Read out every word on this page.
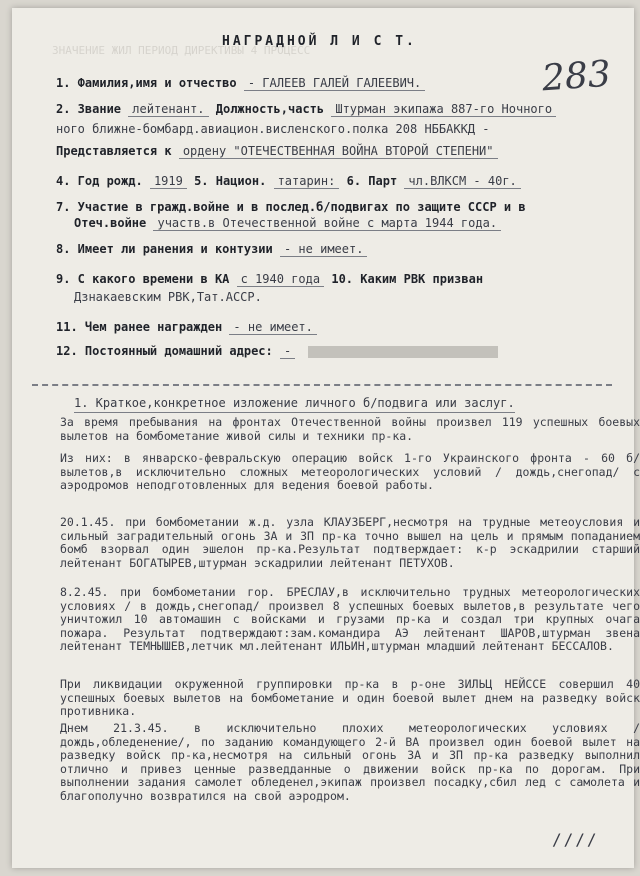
ЗНАЧЕНИЕ ЖИЛ ПЕРИОД ДИРЕКТИВЫ 4 ПРОЦЕСС
НАГРАДНОЙ Л И С Т.
283
1. Фамилия,имя и отчество - ГАЛЕЕВ ГАЛЕЙ ГАЛЕЕВИЧ.
2. Звание лейтенант. Должность,часть Штурман экипажа 887-го Ночного
ного ближне-бомбард.авиацион.висленского.полка 208 НББАККД -
Представляется к ордену "ОТЕЧЕСТВЕННАЯ ВОЙНА ВТОРОЙ СТЕПЕНИ"
4. Год рожд. 1919 5. Национ. татарин: 6. Парт чл.ВЛКСМ - 40г.
7. Участие в гражд.войне и в послед.б/подвигах по защите СССР и в
Отеч.войне участв.в Отечественной войне с марта 1944 года.
8. Имеет ли ранения и контузии - не имеет.
9. С какого времени в КА с 1940 года 10. Каким РВК призван
Дзнакаевским РВК,Тат.АССР.
11. Чем ранее награжден - не имеет.
12. Постоянный домашний адрес: -
1. Краткое,конкретное изложение личного б/подвига или заслуг.
За время пребывания на фронтах Отечественной войны произвел 119 успешных боевых вылетов на бомбометание живой силы и техники пр-ка.
Из них: в январско-февральскую операцию войск 1-го Украинского фронта - 60 б/вылетов,в исключительно сложных метеорологических условий / дождь,снегопад/ с аэродромов неподготовленных для ведения боевой работы.
20.1.45. при бомбометании ж.д. узла КЛАУЗБЕРГ,несмотря на трудные метеоусловия и сильный заградительный огонь ЗА и ЗП пр-ка точно вышел на цель и прямым попаданием бомб взорвал один эшелон пр-ка.Результат подтверждает: к-р эскадрилии старший лейтенант БОГАТЫРЕВ,штурман эскадрилии лейтенант ПЕТУХОВ.
8.2.45. при бомбометании гор. БРЕСЛАУ,в исключительно трудных метеорологических условиях / в дождь,снегопад/ произвел 8 успешных боевых вылетов,в результате чего уничтожил 10 автомашин с войсками и грузами пр-ка и создал три крупных очага пожара. Результат подтверждают:зам.командира АЭ лейтенант ШАРОВ,штурман звена лейтенант ТЕМНЫШЕВ,летчик мл.лейтенант ИЛЬИН,штурман младший лейтенант БЕССАЛОВ.
При ликвидации окруженной группировки пр-ка в р-оне ЗИЛЬЦ НЕЙССЕ совершил 40 успешных боевых вылетов на бомбометание и один боевой вылет днем на разведку войск противника.
Днем 21.3.45. в исключительно плохих метеорологических условиях / дождь,обледенение/, по заданию командующего 2-й ВА произвел один боевой вылет на разведку войск пр-ка,несмотря на сильный огонь ЗА и ЗП пр-ка разведку выполнил отлично и привез ценные разведданные о движении войск пр-ка по дорогам. При выполнении задания самолет обледенел,экипаж произвел посадку,сбил лед с самолета и благополучно возвратился на свой аэродром.
////
